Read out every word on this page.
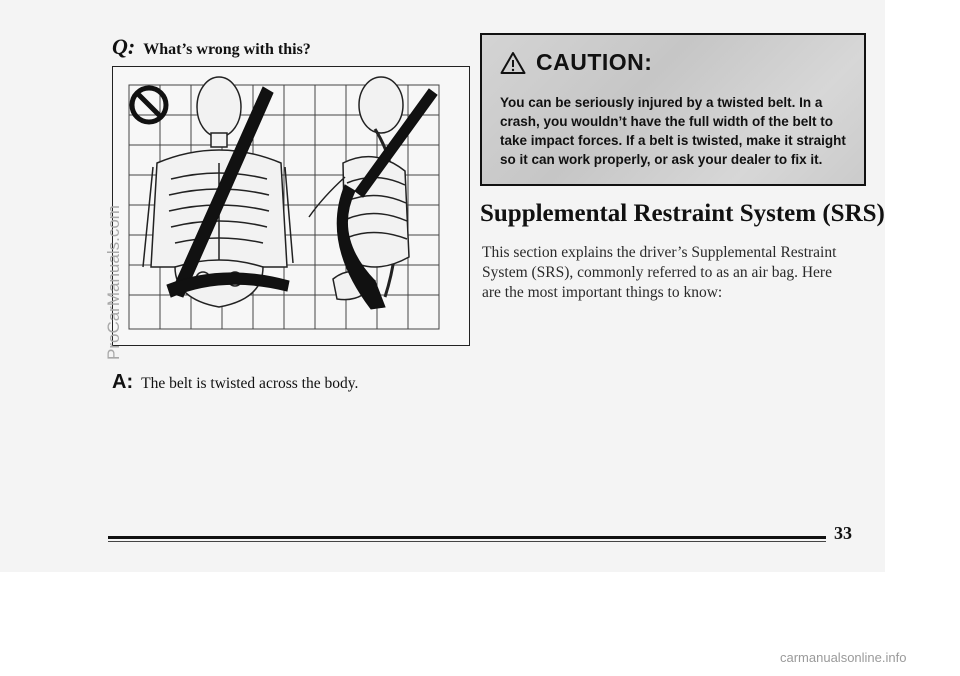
Q: What’s wrong with this?
A: The belt is twisted across the body.
CAUTION:
You can be seriously injured by a twisted belt. In a crash, you wouldn’t have the full width of the belt to take impact forces. If a belt is twisted, make it straight so it can work properly, or ask your dealer to fix it.
Supplemental Restraint System (SRS)
This section explains the driver’s Supplemental Restraint System (SRS), commonly referred to as an air bag. Here are the most important things to know:
ProCarManuals.com
33
carmanualsonline.info
